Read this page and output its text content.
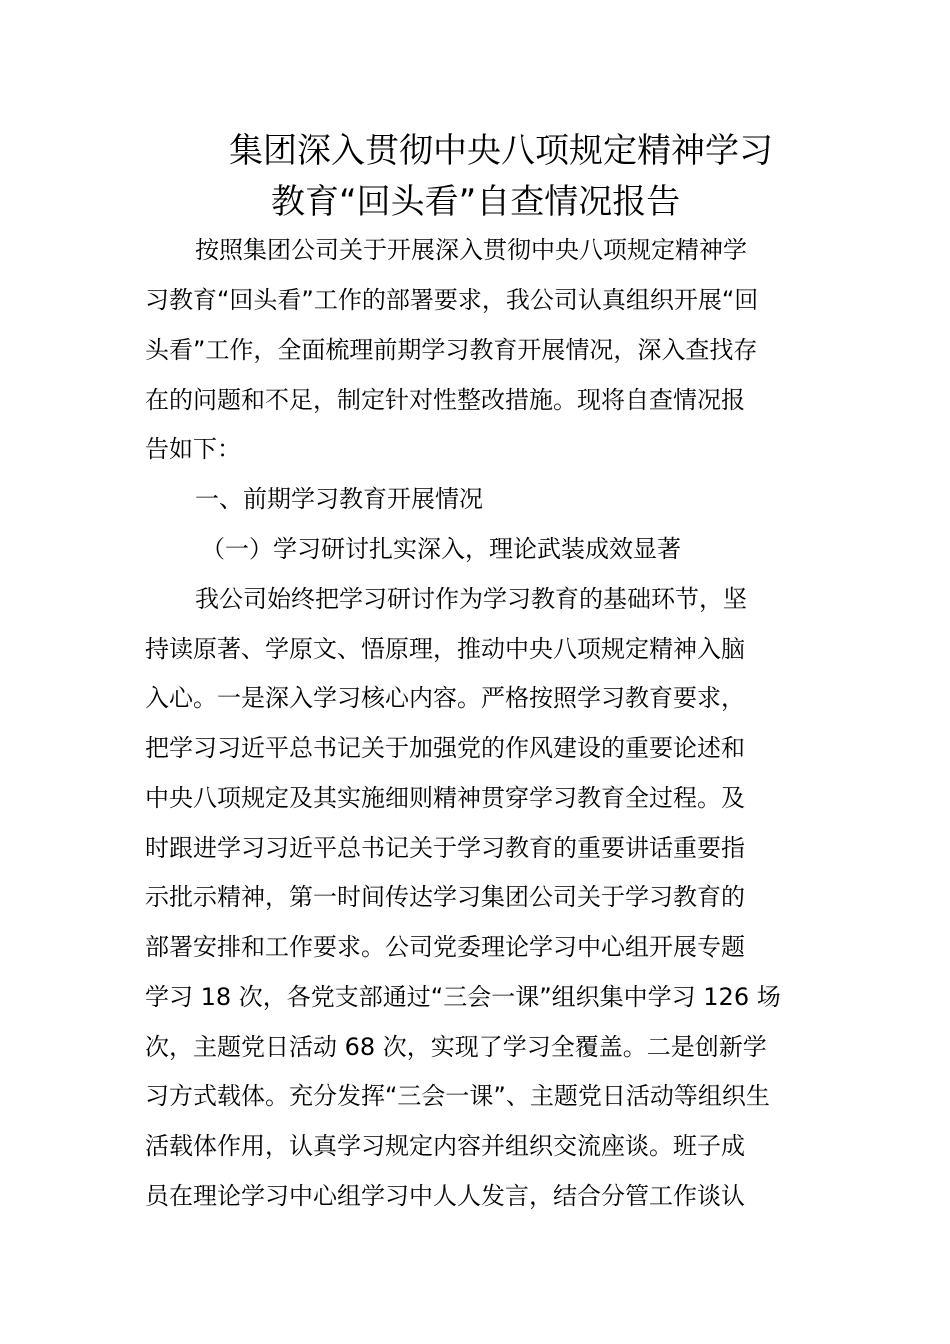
集团深入贯彻中央八项规定精神学习
教育“回头看”自查情况报告
按照集团公司关于开展深入贯彻中央八项规定精神学
习教育“回头看”工作的部署要求，我公司认真组织开展“回
头看”工作，全面梳理前期学习教育开展情况，深入查找存
在的问题和不足，制定针对性整改措施。现将自查情况报
告如下：
一、前期学习教育开展情况
（一）学习研讨扎实深入，理论武装成效显著
我公司始终把学习研讨作为学习教育的基础环节，坚
持读原著、学原文、悟原理，推动中央八项规定精神入脑
入心。一是深入学习核心内容。严格按照学习教育要求，
把学习习近平总书记关于加强党的作风建设的重要论述和
中央八项规定及其实施细则精神贯穿学习教育全过程。及
时跟进学习习近平总书记关于学习教育的重要讲话重要指
示批示精神，第一时间传达学习集团公司关于学习教育的
部署安排和工作要求。公司党委理论学习中心组开展专题
学习 18 次，各党支部通过“三会一课”组织集中学习 126 场
次，主题党日活动 68 次，实现了学习全覆盖。二是创新学
习方式载体。充分发挥“三会一课”、主题党日活动等组织生
活载体作用，认真学习规定内容并组织交流座谈。班子成
员在理论学习中心组学习中人人发言，结合分管工作谈认
